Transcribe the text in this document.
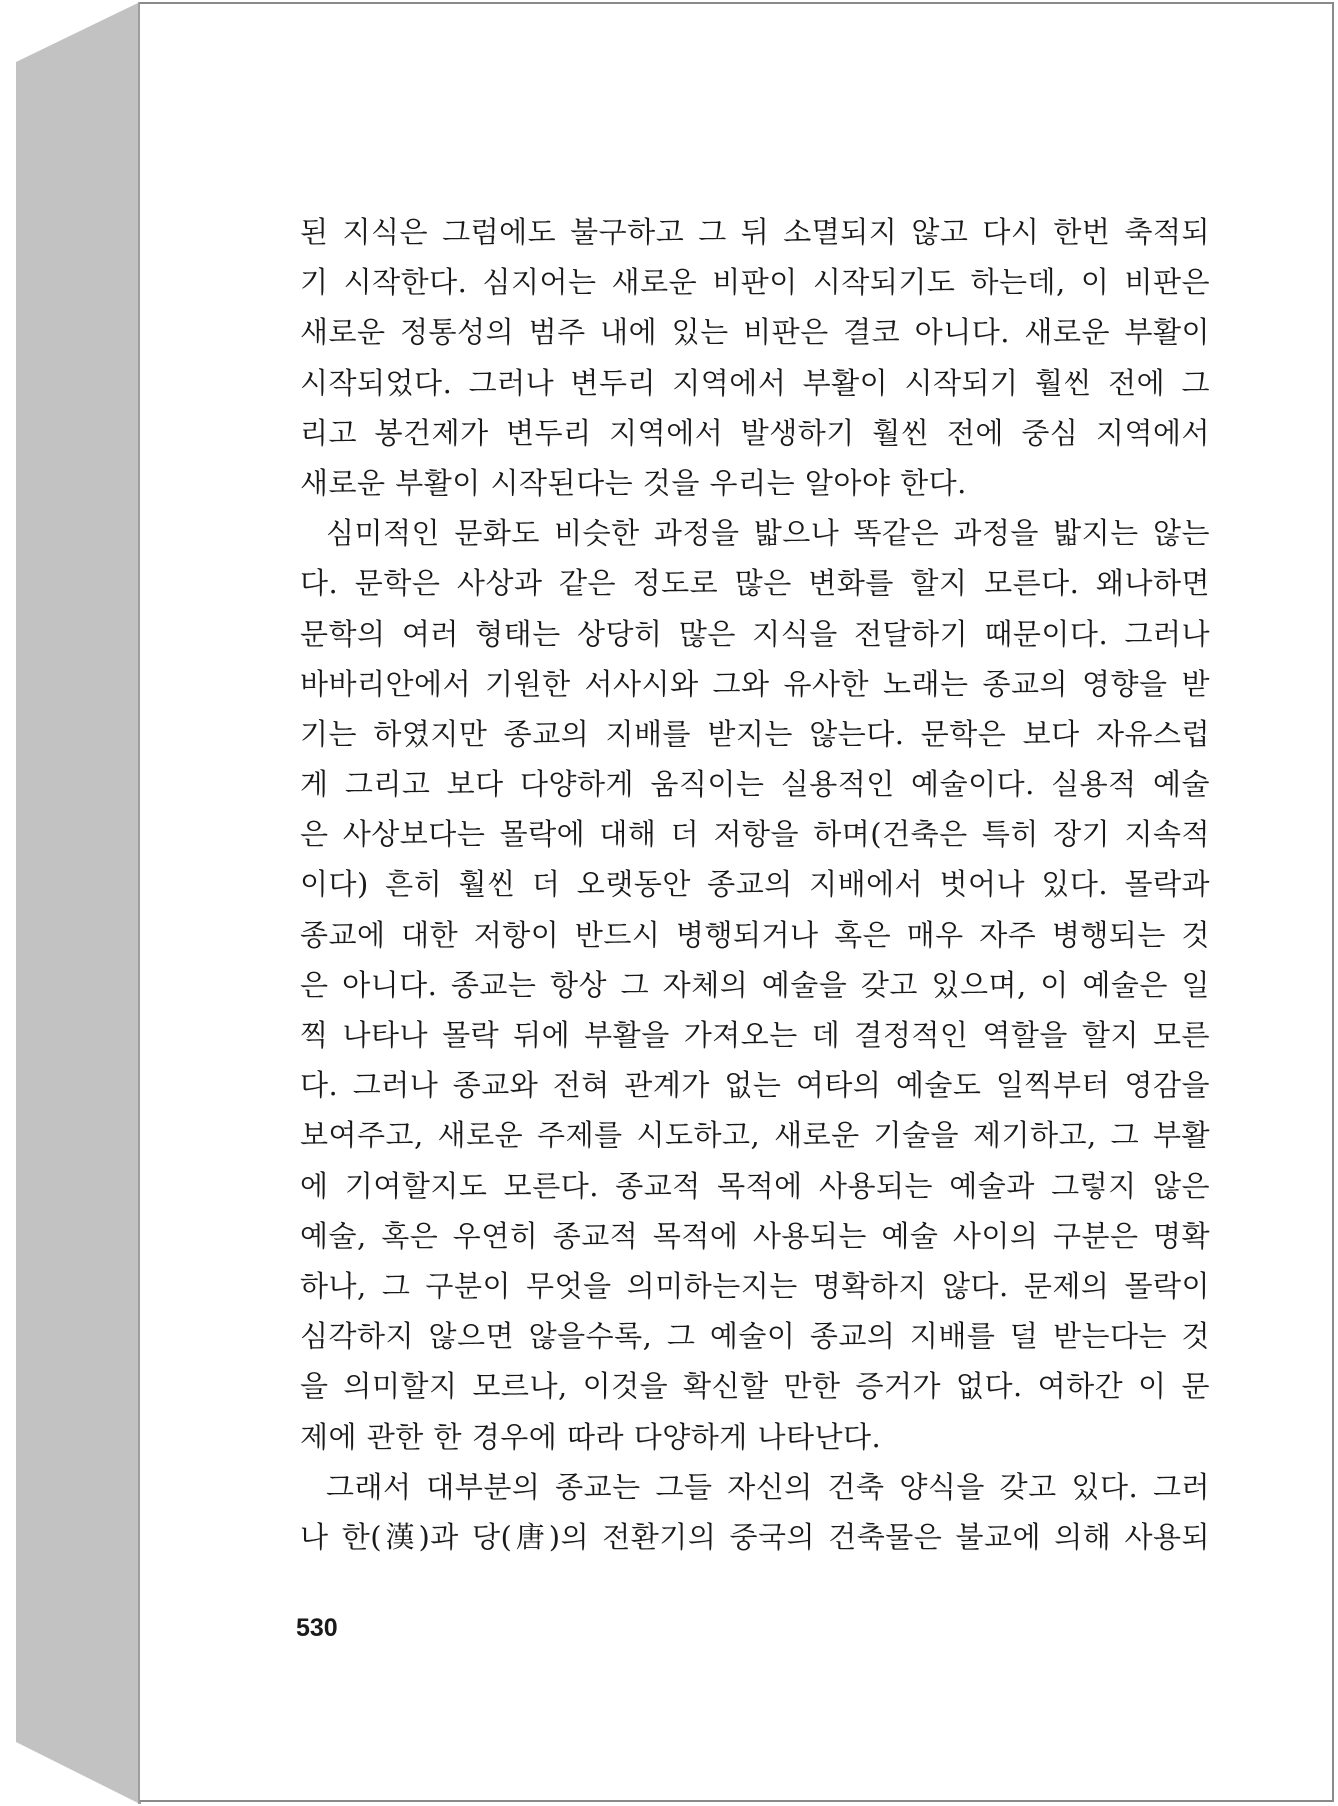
된 지식은 그럼에도 불구하고 그 뒤 소멸되지 않고 다시 한번 축적되
기 시작한다. 심지어는 새로운 비판이 시작되기도 하는데, 이 비판은
새로운 정통성의 범주 내에 있는 비판은 결코 아니다. 새로운 부활이
시작되었다. 그러나 변두리 지역에서 부활이 시작되기 훨씬 전에 그
리고 봉건제가 변두리 지역에서 발생하기 훨씬 전에 중심 지역에서
새로운 부활이 시작된다는 것을 우리는 알아야 한다.
심미적인 문화도 비슷한 과정을 밟으나 똑같은 과정을 밟지는 않는
다. 문학은 사상과 같은 정도로 많은 변화를 할지 모른다. 왜나하면
문학의 여러 형태는 상당히 많은 지식을 전달하기 때문이다. 그러나
바바리안에서 기원한 서사시와 그와 유사한 노래는 종교의 영향을 받
기는 하였지만 종교의 지배를 받지는 않는다. 문학은 보다 자유스럽
게 그리고 보다 다양하게 움직이는 실용적인 예술이다. 실용적 예술
은 사상보다는 몰락에 대해 더 저항을 하며(건축은 특히 장기 지속적
이다) 흔히 훨씬 더 오랫동안 종교의 지배에서 벗어나 있다. 몰락과
종교에 대한 저항이 반드시 병행되거나 혹은 매우 자주 병행되는 것
은 아니다. 종교는 항상 그 자체의 예술을 갖고 있으며, 이 예술은 일
찍 나타나 몰락 뒤에 부활을 가져오는 데 결정적인 역할을 할지 모른
다. 그러나 종교와 전혀 관계가 없는 여타의 예술도 일찍부터 영감을
보여주고, 새로운 주제를 시도하고, 새로운 기술을 제기하고, 그 부활
에 기여할지도 모른다. 종교적 목적에 사용되는 예술과 그렇지 않은
예술, 혹은 우연히 종교적 목적에 사용되는 예술 사이의 구분은 명확
하나, 그 구분이 무엇을 의미하는지는 명확하지 않다. 문제의 몰락이
심각하지 않으면 않을수록, 그 예술이 종교의 지배를 덜 받는다는 것
을 의미할지 모르나, 이것을 확신할 만한 증거가 없다. 여하간 이 문
제에 관한 한 경우에 따라 다양하게 나타난다.
그래서 대부분의 종교는 그들 자신의 건축 양식을 갖고 있다. 그러
나 한(漢)과 당(唐)의 전환기의 중국의 건축물은 불교에 의해 사용되
530
